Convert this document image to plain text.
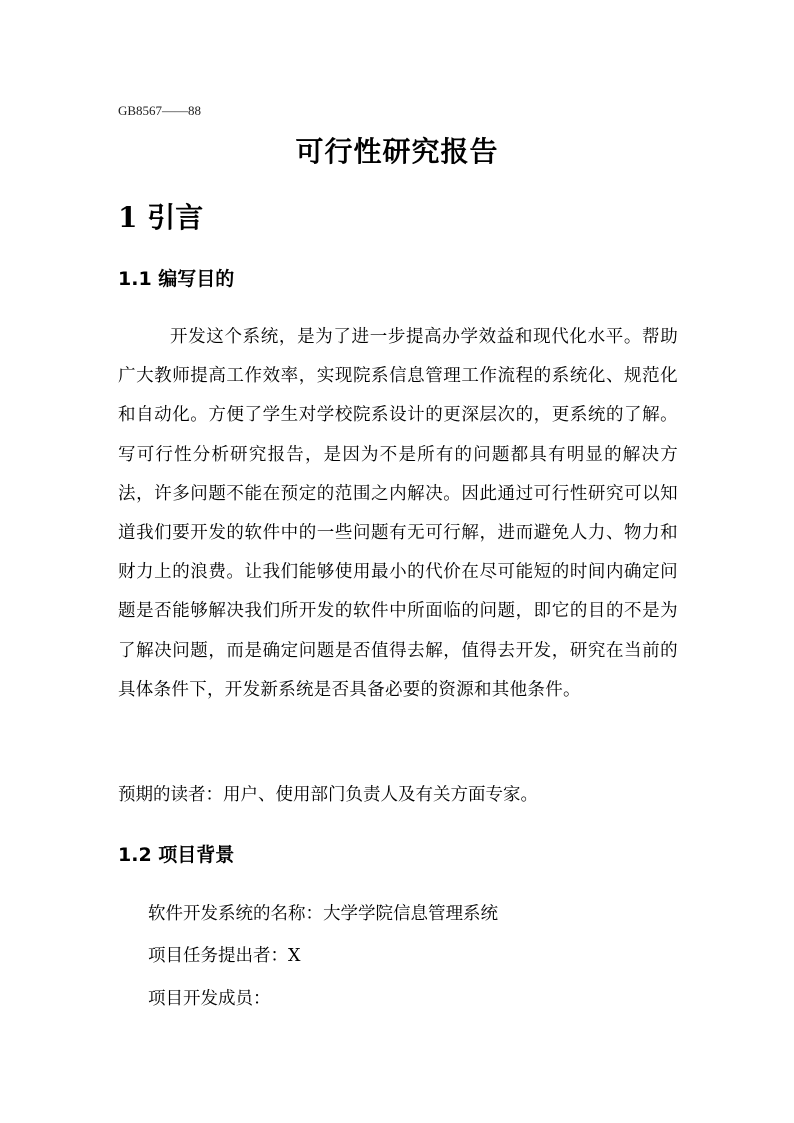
GB8567——88
可行性研究报告
1 引言
1.1 编写目的

开发这个系统，是为了进一步提高办学效益和现代化水平。帮助广大教师提高工作效率，实现院系信息管理工作流程的系统化、规范化和自动化。方便了学生对学校院系设计的更深层次的，更系统的了解。写可行性分析研究报告，是因为不是所有的问题都具有明显的解决方法，许多问题不能在预定的范围之内解决。因此通过可行性研究可以知道我们要开发的软件中的一些问题有无可行解，进而避免人力、物力和财力上的浪费。让我们能够使用最小的代价在尽可能短的时间内确定问题是否能够解决我们所开发的软件中所面临的问题，即它的目的不是为了解决问题，而是确定问题是否值得去解，值得去开发，研究在当前的具体条件下，开发新系统是否具备必要的资源和其他条件。

预期的读者：用户、使用部门负责人及有关方面专家。

1.2 项目背景

软件开发系统的名称：大学学院信息管理系统

项目任务提出者：X

项目开发成员：
